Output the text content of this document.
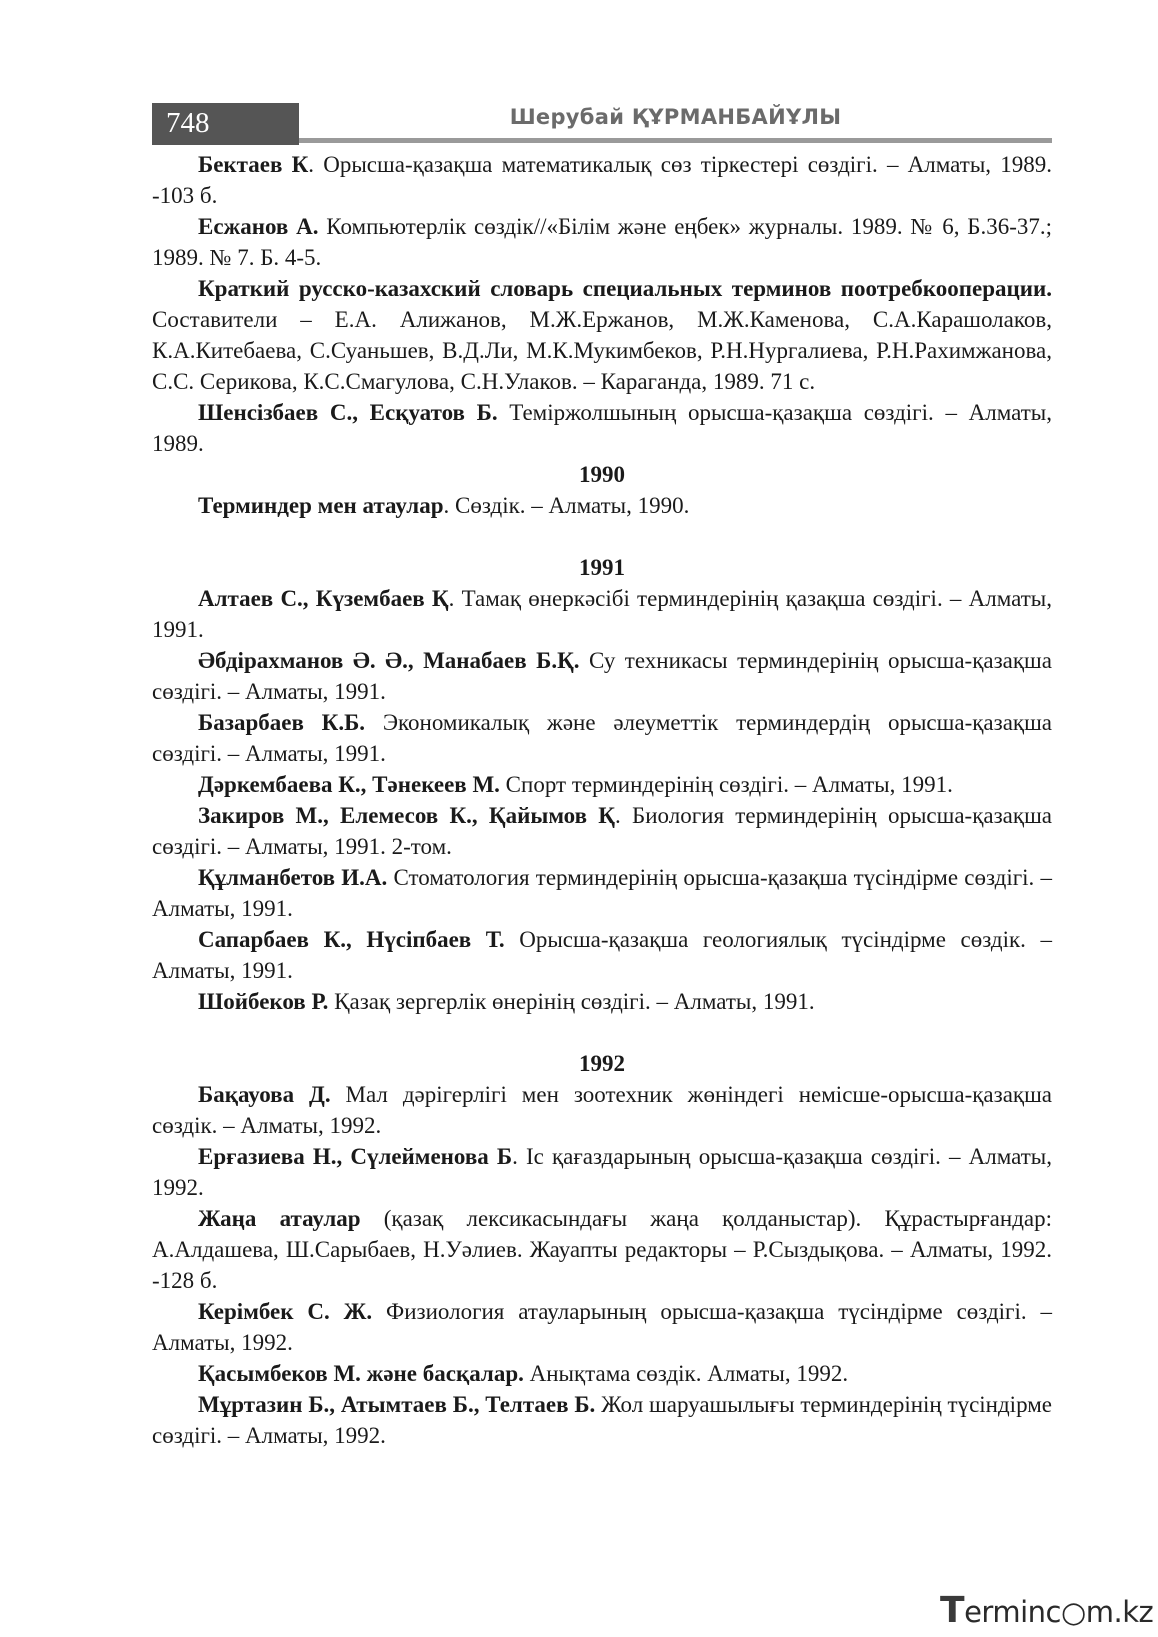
748	Шерубай ҚҰРМАНБАЙҰЛЫ

Бектаев К. Орысша-қазақша математикалық сөз тіркестері сөздігі. – Алматы, 1989. -103 б.

Есжанов А. Компьютерлік сөздік//«Білім және еңбек» журналы. 1989. № 6, Б.36-37.; 1989. № 7. Б. 4-5.

Краткий русско-казахский словарь специальных терминов поотребкооперации. Составители – Е.А. Алижанов, М.Ж.Ержанов, М.Ж.Каменова, С.А.Карашолаков, К.А.Китебаева, С.Суаньшев, В.Д.Ли, М.К.Мукимбеков, Р.Н.Нургалиева, Р.Н.Рахимжанова, С.С. Серикова, К.С.Смагулова, С.Н.Улаков. – Караганда, 1989. 71 с.

Шенсізбаев С., Есқуатов Б. Теміржолшының орысша-қазақша сөздігі. – Алматы, 1989.

1990

Терминдер мен атаулар. Сөздік. – Алматы, 1990.

1991

Алтаев С., Күземб​аев Қ. Тамақ өнеркәсібі терминдерінің қазақша сөздігі. – Алматы, 1991.

Әбдірахманов Ә. Ә., Манабаев Б.Қ. Су техникасы терминдерінің орысша-қазақша сөздігі. – Алматы, 1991.

Базарбаев К.Б. Экономикалық және әлеуметтік терминдердің орысша-қазақша сөздігі. – Алматы, 1991.

Дәркембаева К., Тәнекеев М. Спорт терминдерінің сөздігі. – Алматы, 1991.

Закиров М., Елемесов К., Қайымов Қ. Биология терминдерінің орысша-қазақша сөздігі. – Алматы, 1991. 2-том.

Құлманбетов И.А. Стоматология терминдерінің орысша-қазақша түсіндірме сөздігі. – Алматы, 1991.

Сапарбаев К., Нүсіпбаев Т. Орысша-қазақша геологиялық түсіндірме сөздік. – Алматы, 1991.

Шойбеков Р. Қазақ зергерлік өнерінің сөздігі. – Алматы, 1991.

1992

Бақауова Д. Мал дәрігерлігі мен зоотехник жөніндегі немісше-орысша-қазақша сөздік. – Алматы, 1992.

Ерғазиева Н., Сүлейменова Б. Іс қағаздарының орысша-қазақша сөздігі. – Алматы, 1992.

Жаңа атаулар (қазақ лексикасындағы жаңа қолданыстар). Құрастырғандар: А.Алдашева, Ш.Сарыбаев, Н.Уәлиев. Жауапты редакторы – Р.Сыздықова. – Алматы, 1992. -128 б.

Керімбек С. Ж. Физиология атауларының орысша-қазақша түсіндірме сөздігі. – Алматы, 1992.

Қасымбеков М. және басқалар. Анықтама сөздік. Алматы, 1992.

Мұртазин Б., Атымтаев Б., Телтаев Б. Жол шаруашылығы терминдерінің түсіндірме сөздігі. – Алматы, 1992.

Terminc○m.kz
